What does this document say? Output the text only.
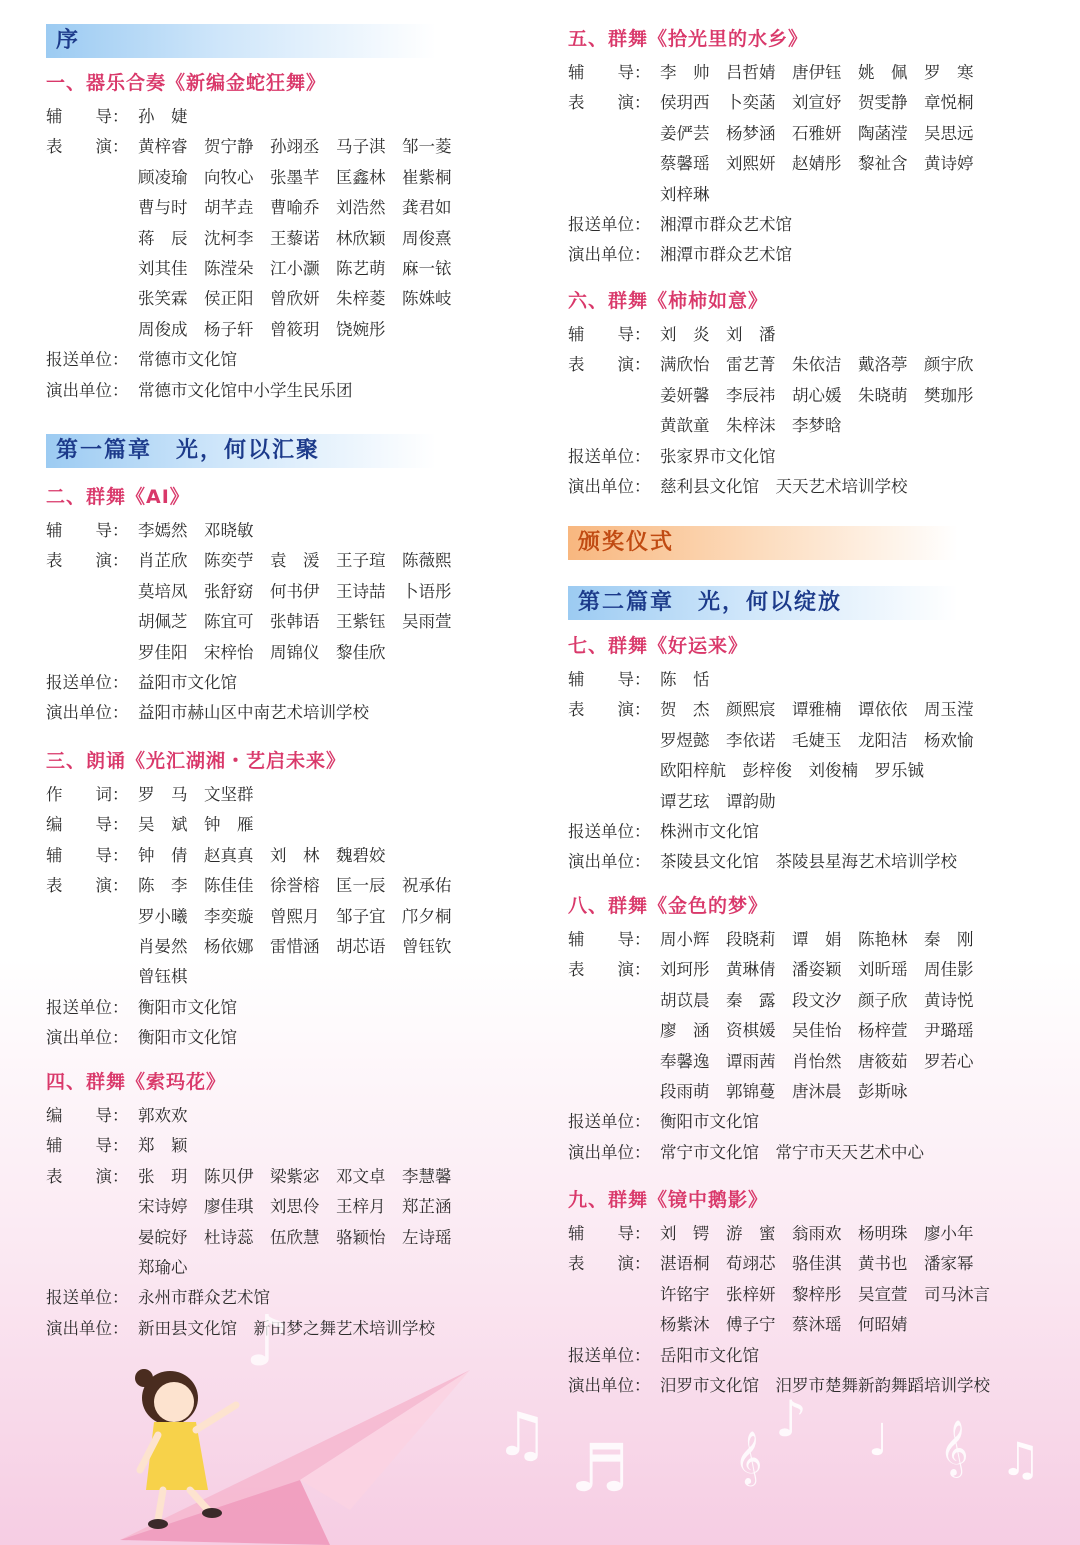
序
第一篇章　光，何以汇聚
一、器乐合奏《新编金蛇狂舞》
辅　　导： 孙　婕
表　　演： 黄梓睿　贺宁静　孙翊丞　马子淇　邹一菱
顾凌瑜　向牧心　张墨芊　匡鑫林　崔紫桐
曹与时　胡芊垚　曹喻乔　刘浩然　龚君如
蒋　辰　沈柯李　王藜诺　林欣颖　周俊熹
刘其佳　陈滢朵　江小灏　陈艺萌　麻一铱
张笑霖　侯正阳　曾欣妍　朱梓菱　陈姝岐
周俊成　杨子轩　曾筱玥　饶婉彤
报送单位： 常德市文化馆
演出单位： 常德市文化馆中小学生民乐团
二、群舞《AI》
辅　　导： 李嫣然　邓晓敏
表　　演： 肖芷欣　陈奕苧　袁　湲　王子瑄　陈薇熙
莫培凤　张舒窈　何书伊　王诗喆　卜语彤
胡佩芝　陈宜可　张韩语　王紫钰　吴雨萱
罗佳阳　宋梓怡　周锦仪　黎佳欣
报送单位： 益阳市文化馆
演出单位： 益阳市赫山区中南艺术培训学校
三、朗诵《光汇湖湘・艺启未来》
作　　词： 罗　马　文坚群
编　　导： 吴　斌　钟　雁
辅　　导： 钟　倩　赵真真　刘　林　魏碧姣
表　　演： 陈　李　陈佳佳　徐誉榕　匡一辰　祝承佑
罗小曦　李奕璇　曾熙月　邹子宜　邝夕桐
肖晏然　杨依娜　雷惜涵　胡芯语　曾钰钦
曾钰棋
报送单位： 衡阳市文化馆
演出单位： 衡阳市文化馆
四、群舞《索玛花》
编　　导： 郭欢欢
辅　　导： 郑　颖
表　　演： 张　玥　陈贝伊　梁紫宓　邓文卓　李慧馨
宋诗婷　廖佳琪　刘思伶　王梓月　郑芷涵
晏皖妤　杜诗蕊　伍欣慧　骆颖怡　左诗瑶
郑瑜心
报送单位： 永州市群众艺术馆
演出单位： 新田县文化馆　新田梦之舞艺术培训学校
颁奖仪式
第二篇章　光，何以绽放
五、群舞《拾光里的水乡》
辅　　导： 李　帅　吕哲婧　唐伊钰　姚　佩　罗　寒
表　　演： 侯玥西　卜奕菡　刘宣妤　贺雯静　章悦桐
姜俨芸　杨梦涵　石雅妍　陶菡滢　吴思远
蔡馨瑶　刘熙妍　赵婧彤　黎祉含　黄诗婷
刘梓琳
报送单位： 湘潭市群众艺术馆
演出单位： 湘潭市群众艺术馆
六、群舞《柿柿如意》
辅　　导： 刘　炎　刘　潘
表　　演： 满欣怡　雷艺菁　朱依洁　戴洛葶　颜宇欣
姜妍馨　李辰祎　胡心媛　朱晓萌　樊珈彤
黄歆童　朱梓沫　李梦晗
报送单位： 张家界市文化馆
演出单位： 慈利县文化馆　天天艺术培训学校
七、群舞《好运来》
辅　　导： 陈　恬
表　　演： 贺　杰　颜熙宸　谭雅楠　谭依依　周玉滢
罗煜懿　李依诺　毛婕玉　龙阳洁　杨欢愉
欧阳梓航　彭梓俊　刘俊楠　罗乐铖
谭艺玹　谭韵勋
报送单位： 株洲市文化馆
演出单位： 茶陵县文化馆　茶陵县星海艺术培训学校
八、群舞《金色的梦》
辅　　导： 周小辉　段晓莉　谭　娟　陈艳林　秦　刚
表　　演： 刘珂彤　黄琳倩　潘姿颖　刘昕瑶　周佳影
胡苡晨　秦　露　段文汐　颜子欣　黄诗悦
廖　涵　资棋媛　吴佳怡　杨梓萱　尹璐瑶
奉馨逸　谭雨茜　肖怡然　唐筱茹　罗若心
段雨萌　郭锦蔓　唐沐晨　彭斯咏
报送单位： 衡阳市文化馆
演出单位： 常宁市文化馆　常宁市天天艺术中心
九、群舞《镜中鹅影》
辅　　导： 刘　锷　游　蜜　翁雨欢　杨明珠　廖小年
表　　演： 湛语桐　荀翊芯　骆佳淇　黄书也　潘家幂
许铭宇　张梓妍　黎梓彤　吴宣萱　司马沐言
杨紫沐　傅子宁　蔡沐瑶　何昭婧
报送单位： 岳阳市文化馆
演出单位： 汨罗市文化馆　汨罗市楚舞新韵舞蹈培训学校
♪
♫ ♬
♪
𝄞 ♩ 𝄞 ♫
